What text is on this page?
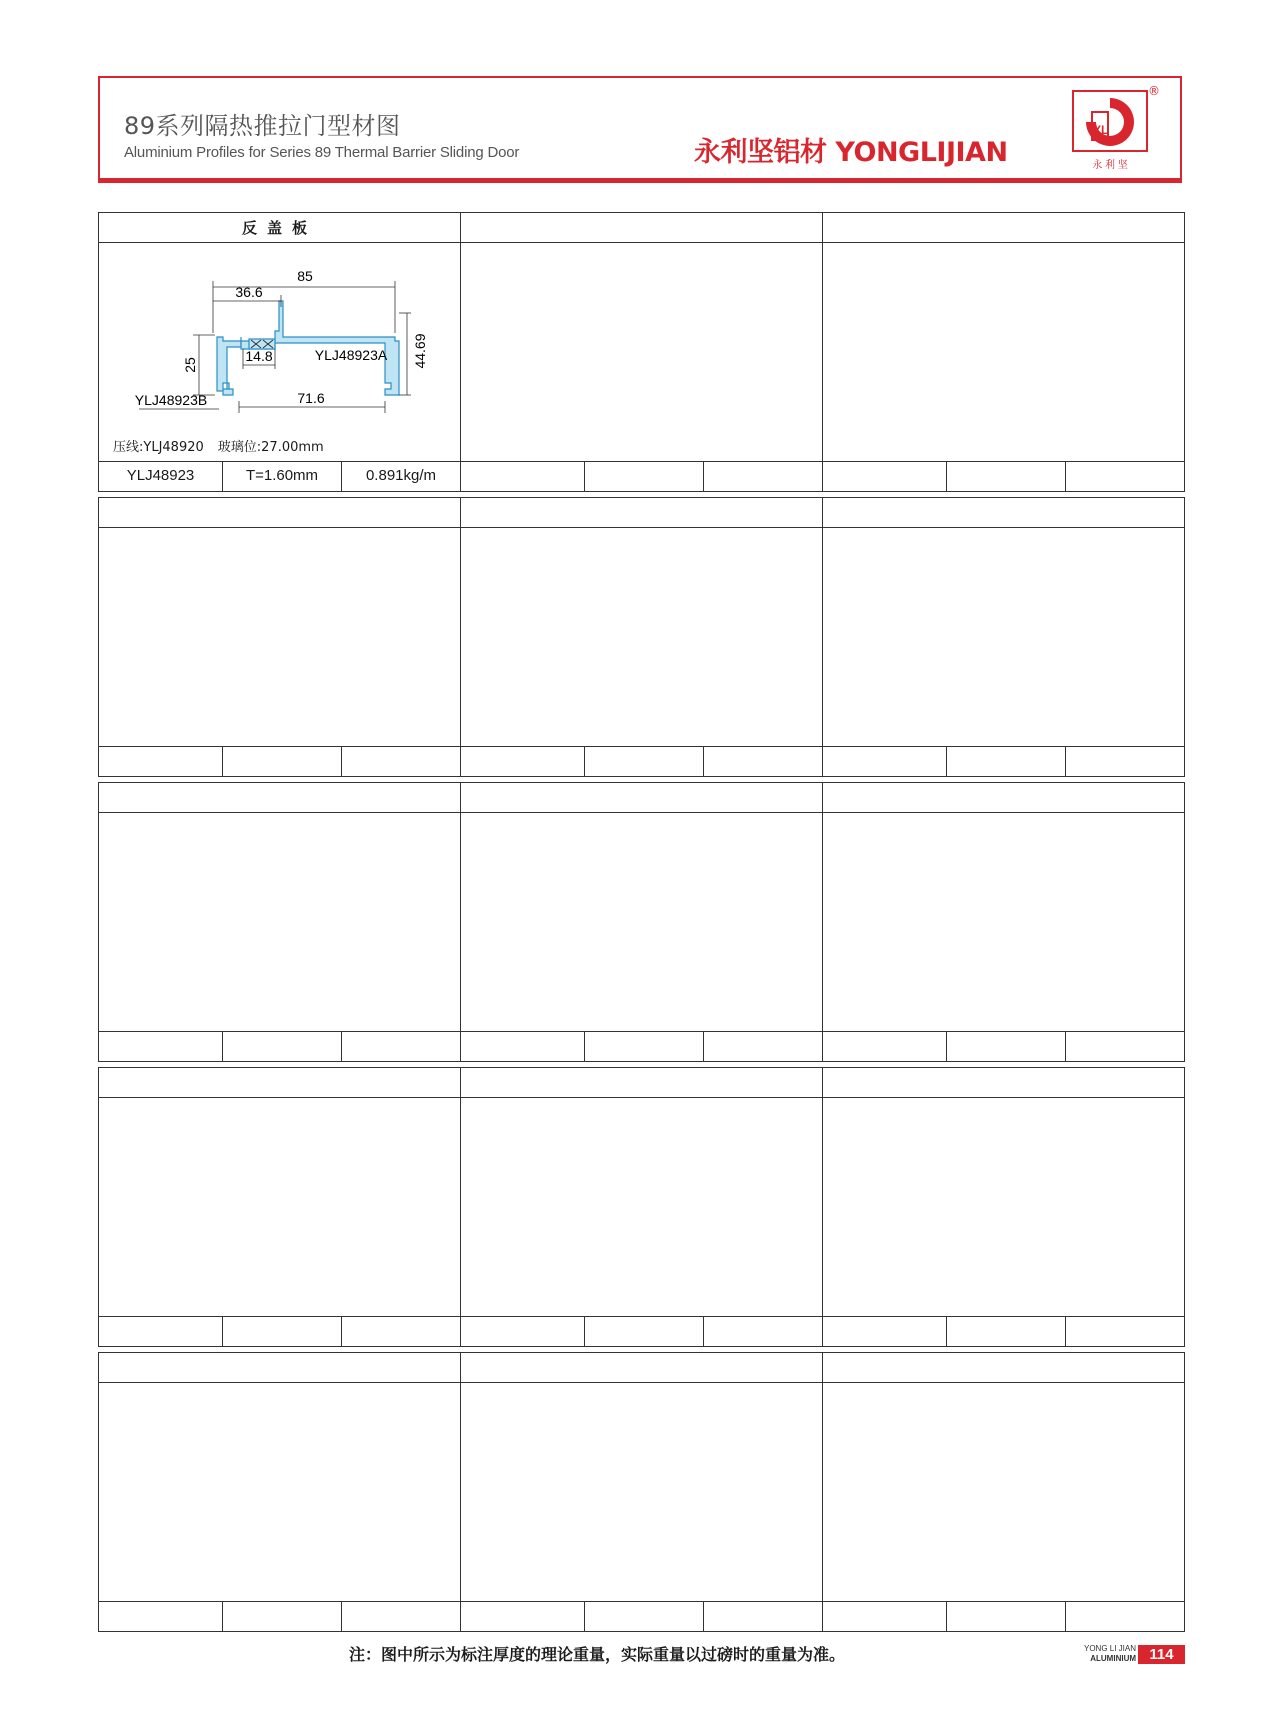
89系列隔热推拉门型材图
Aluminium Profiles for Series 89 Thermal Barrier Sliding Door	永利坚铝材 YONGLIJIAN
YL
永 利 坚
®
反盖板
85
36.6
25
14.8	44.69
71.6
YLJ48923A
YLJ48923B
压线:YLJ48920 玻璃位:27.00mm
YLJ48923	T=1.60mm	0.891kg/m
注：图中所示为标注厚度的理论重量，实际重量以过磅时的重量为准。	YONG LI JIAN
ALUMINIUM 114
